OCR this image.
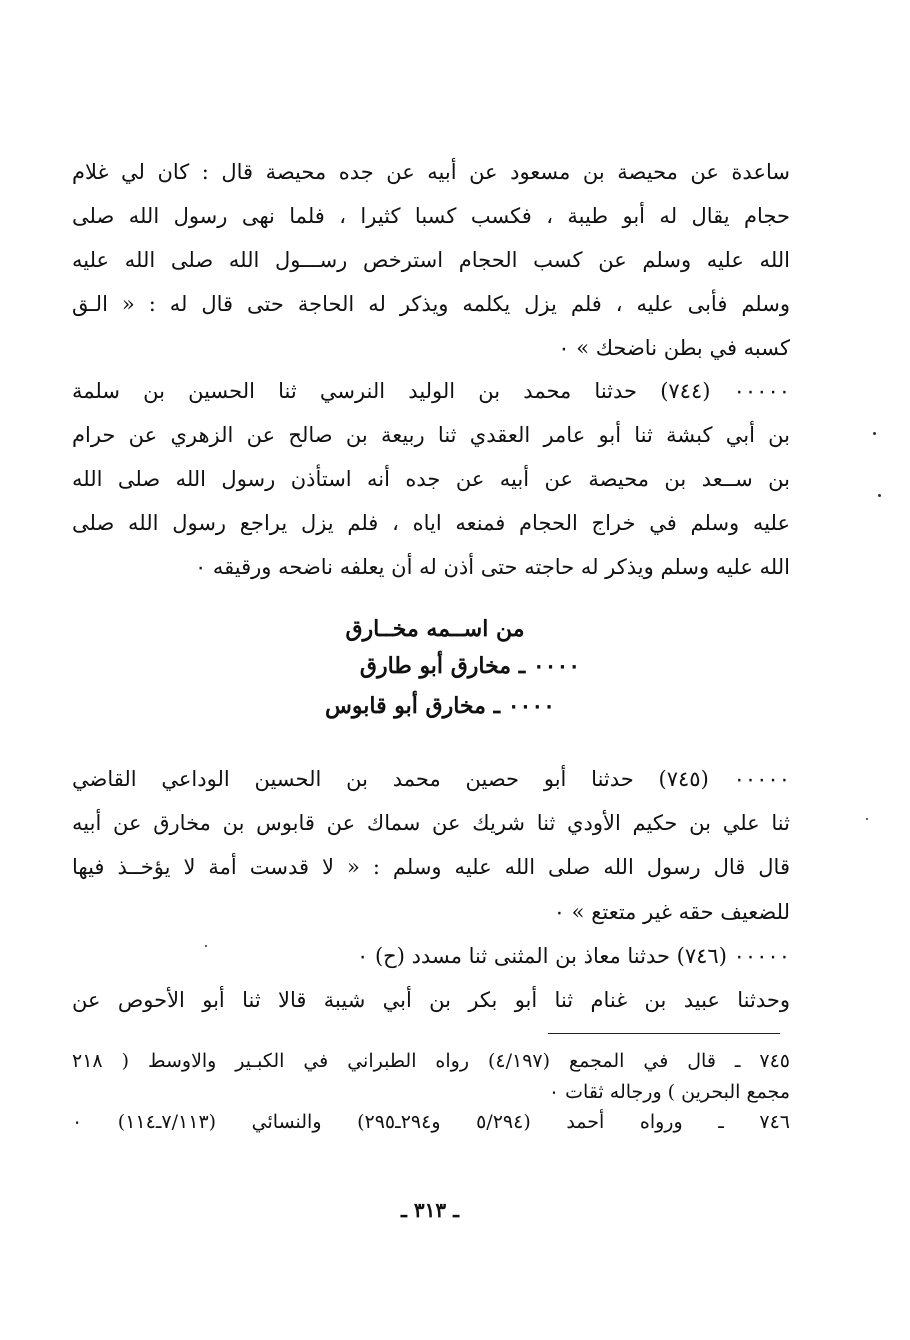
ساعدة عن محيصة بن مسعود عن أبيه عن جده محيصة قال : كان لي غلام
حجام يقال له أبو طيبة ، فكسب كسبا كثيرا ، فلما نهى رسول الله صلى
الله عليه وسلم عن كسب الحجام استرخص رســـول الله صلى الله عليه
وسلم فأبى عليه ، فلم يزل يكلمه ويذكر له الحاجة حتى قال له : « الـق
كسبه في بطن ناضحك » ٠
٠٠٠٠٠ (٧٤٤) حدثنا محمد بن الوليد النرسي ثنا الحسين بن سلمة
بن أبي كبشة ثنا أبو عامر العقدي ثنا ربيعة بن صالح عن الزهري عن حرام
بن ســعد بن محيصة عن أبيه عن جده أنه استأذن رسول الله صلى الله
عليه وسلم في خراج الحجام فمنعه اياه ، فلم يزل يراجع رسول الله صلى
الله عليه وسلم ويذكر له حاجته حتى أذن له أن يعلفه ناضحه ورقيقه ٠
من اســمه مخــارق
٠٠٠٠ ـ مخارق أبو طارق
٠٠٠٠ ـ مخارق أبو قابوس
٠٠٠٠٠ (٧٤٥) حدثنا أبو حصين محمد بن الحسين الوداعي القاضي
ثنا علي بن حكيم الأودي ثنا شريك عن سماك عن قابوس بن مخارق عن أبيه
قال قال رسول الله صلى الله عليه وسلم : « لا قدست أمة لا يؤخــذ فيها
للضعيف حقه غير متعتع » ٠
٠٠٠٠٠ (٧٤٦) حدثنا معاذ بن المثنى ثنا مسدد (ح) ٠
وحدثنا عبيد بن غنام ثنا أبو بكر بن أبي شيبة قالا ثنا أبو الأحوص عن
٧٤٥ ـ قال في المجمع (٤/١٩٧) رواه الطبراني في الكبـير والاوسط ( ٢١٨
مجمع البحرين ) ورجاله ثقات ٠
٧٤٦ ـ ورواه أحمد (٥/٢٩٤ و٢٩٤ـ٢٩٥) والنسائي (٧/١١٣ـ١١٤) ٠
ـ ٣١٣ ـ
